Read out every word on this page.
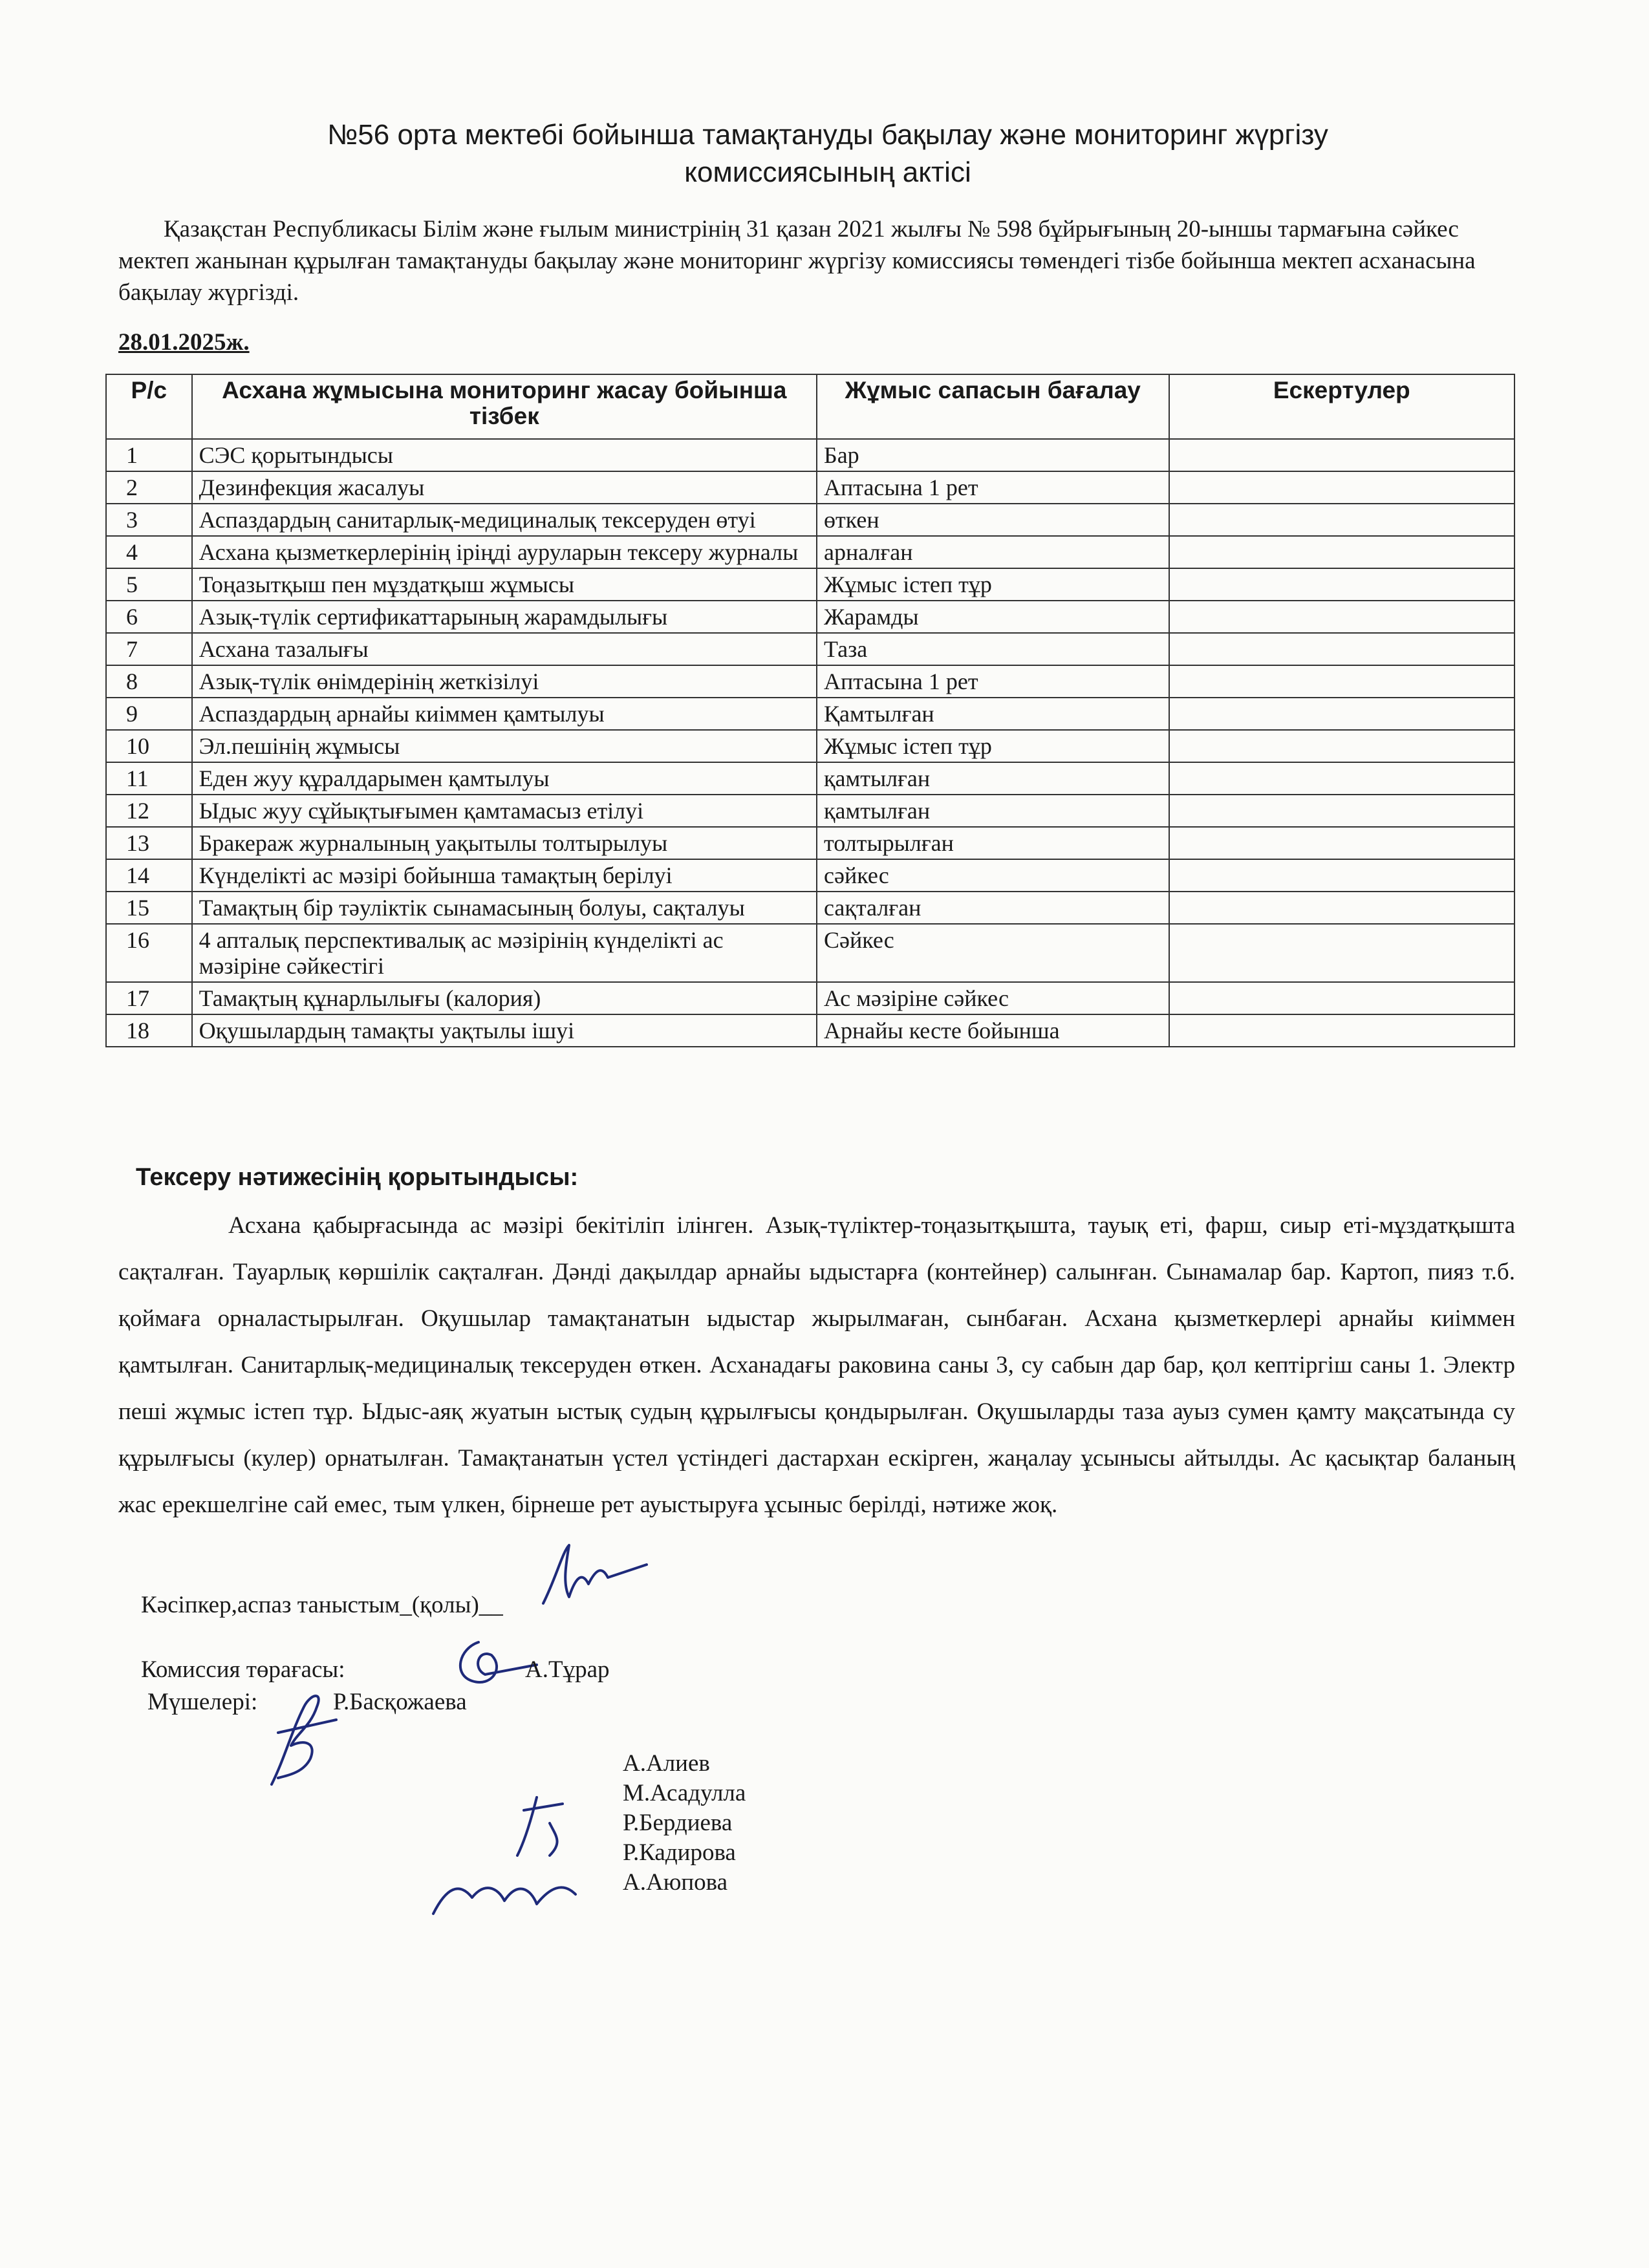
№56 орта мектебі бойынша тамақтануды бақылау және мониторинг жүргізу
комиссиясының актісі
Қазақстан Республикасы Білім және ғылым министрінің 31 қазан 2021 жылғы № 598 бұйрығының 20-ыншы тармағына сәйкес мектеп жанынан құрылған тамақтануды бақылау және мониторинг жүргізу комиссиясы төмендегі тізбе бойынша мектеп асханасына бақылау жүргізді.
28.01.2025ж.
Р/с	Асхана жұмысына мониторинг жасау бойынша тізбек	Жұмыс сапасын бағалау	Ескертулер
1	СЭС қорытындысы	Бар	
2	Дезинфекция жасалуы	Аптасына 1 рет	
3	Аспаздардың санитарлық-медициналық тексеруден өтуі	өткен	
4	Асхана қызметкерлерінің іріңді ауруларын тексеру журналы	арналған	
5	Тоңазытқыш пен мұздатқыш жұмысы	Жұмыс істеп тұр	
6	Азық-түлік сертификаттарының жарамдылығы	Жарамды	
7	Асхана тазалығы	Таза	
8	Азық-түлік өнімдерінің жеткізілуі	Аптасына 1 рет	
9	Аспаздардың арнайы киіммен қамтылуы	Қамтылған	
10	Эл.пешінің жұмысы	Жұмыс істеп тұр	
11	Еден жуу құралдарымен қамтылуы	қамтылған	
12	Ыдыс жуу сұйықтығымен қамтамасыз етілуі	қамтылған	
13	Бракераж журналының уақытылы толтырылуы	толтырылған	
14	Күнделікті ас мәзірі бойынша тамақтың берілуі	сәйкес	
15	Тамақтың бір тәуліктік сынамасының болуы, сақталуы	сақталған	
16	4 апталық перспективалық ас мәзірінің күнделікті ас мәзіріне сәйкестігі	Сәйкес	
17	Тамақтың құнарлылығы (калория)	Ас мәзіріне сәйкес	
18	Оқушылардың тамақты уақтылы ішуі	Арнайы кесте бойынша	
Тексеру нәтижесінің қорытындысы:
Асхана қабырғасында ас мәзірі бекітіліп ілінген. Азық-түліктер-тоңазытқышта, тауық еті, фарш, сиыр еті-мұздатқышта сақталған. Тауарлық көршілік сақталған. Дәнді дақылдар арнайы ыдыстарға (контейнер) салынған. Сынамалар бар. Картоп, пияз т.б. қоймаға орналастырылған. Оқушылар тамақтанатын ыдыстар жырылмаған, сынбаған. Асхана қызметкерлері арнайы киіммен қамтылған. Санитарлық-медициналық тексеруден өткен. Асханадағы раковина саны 3, су сабын дар бар, қол кептіргіш саны 1. Электр пеші жұмыс істеп тұр. Ыдыс-аяқ жуатын ыстық судың құрылғысы қондырылған. Оқушыларды таза ауыз сумен қамту мақсатында су құрылғысы (кулер) орнатылған. Тамақтанатын үстел үстіндегі дастархан ескірген, жаңалау ұсынысы айтылды. Ас қасықтар баланың жас ерекшелгіне сай емес, тым үлкен, бірнеше рет ауыстыруға ұсыныс берілді, нәтиже жоқ.
Кәсіпкер,аспаз таныстым_(қолы)__
Комиссия төрағасы:	А.Тұрар
Мүшелері:	Р.Басқожаева
А.Алиев
М.Асадулла
Р.Бердиева
Р.Кадирова
А.Аюпова
